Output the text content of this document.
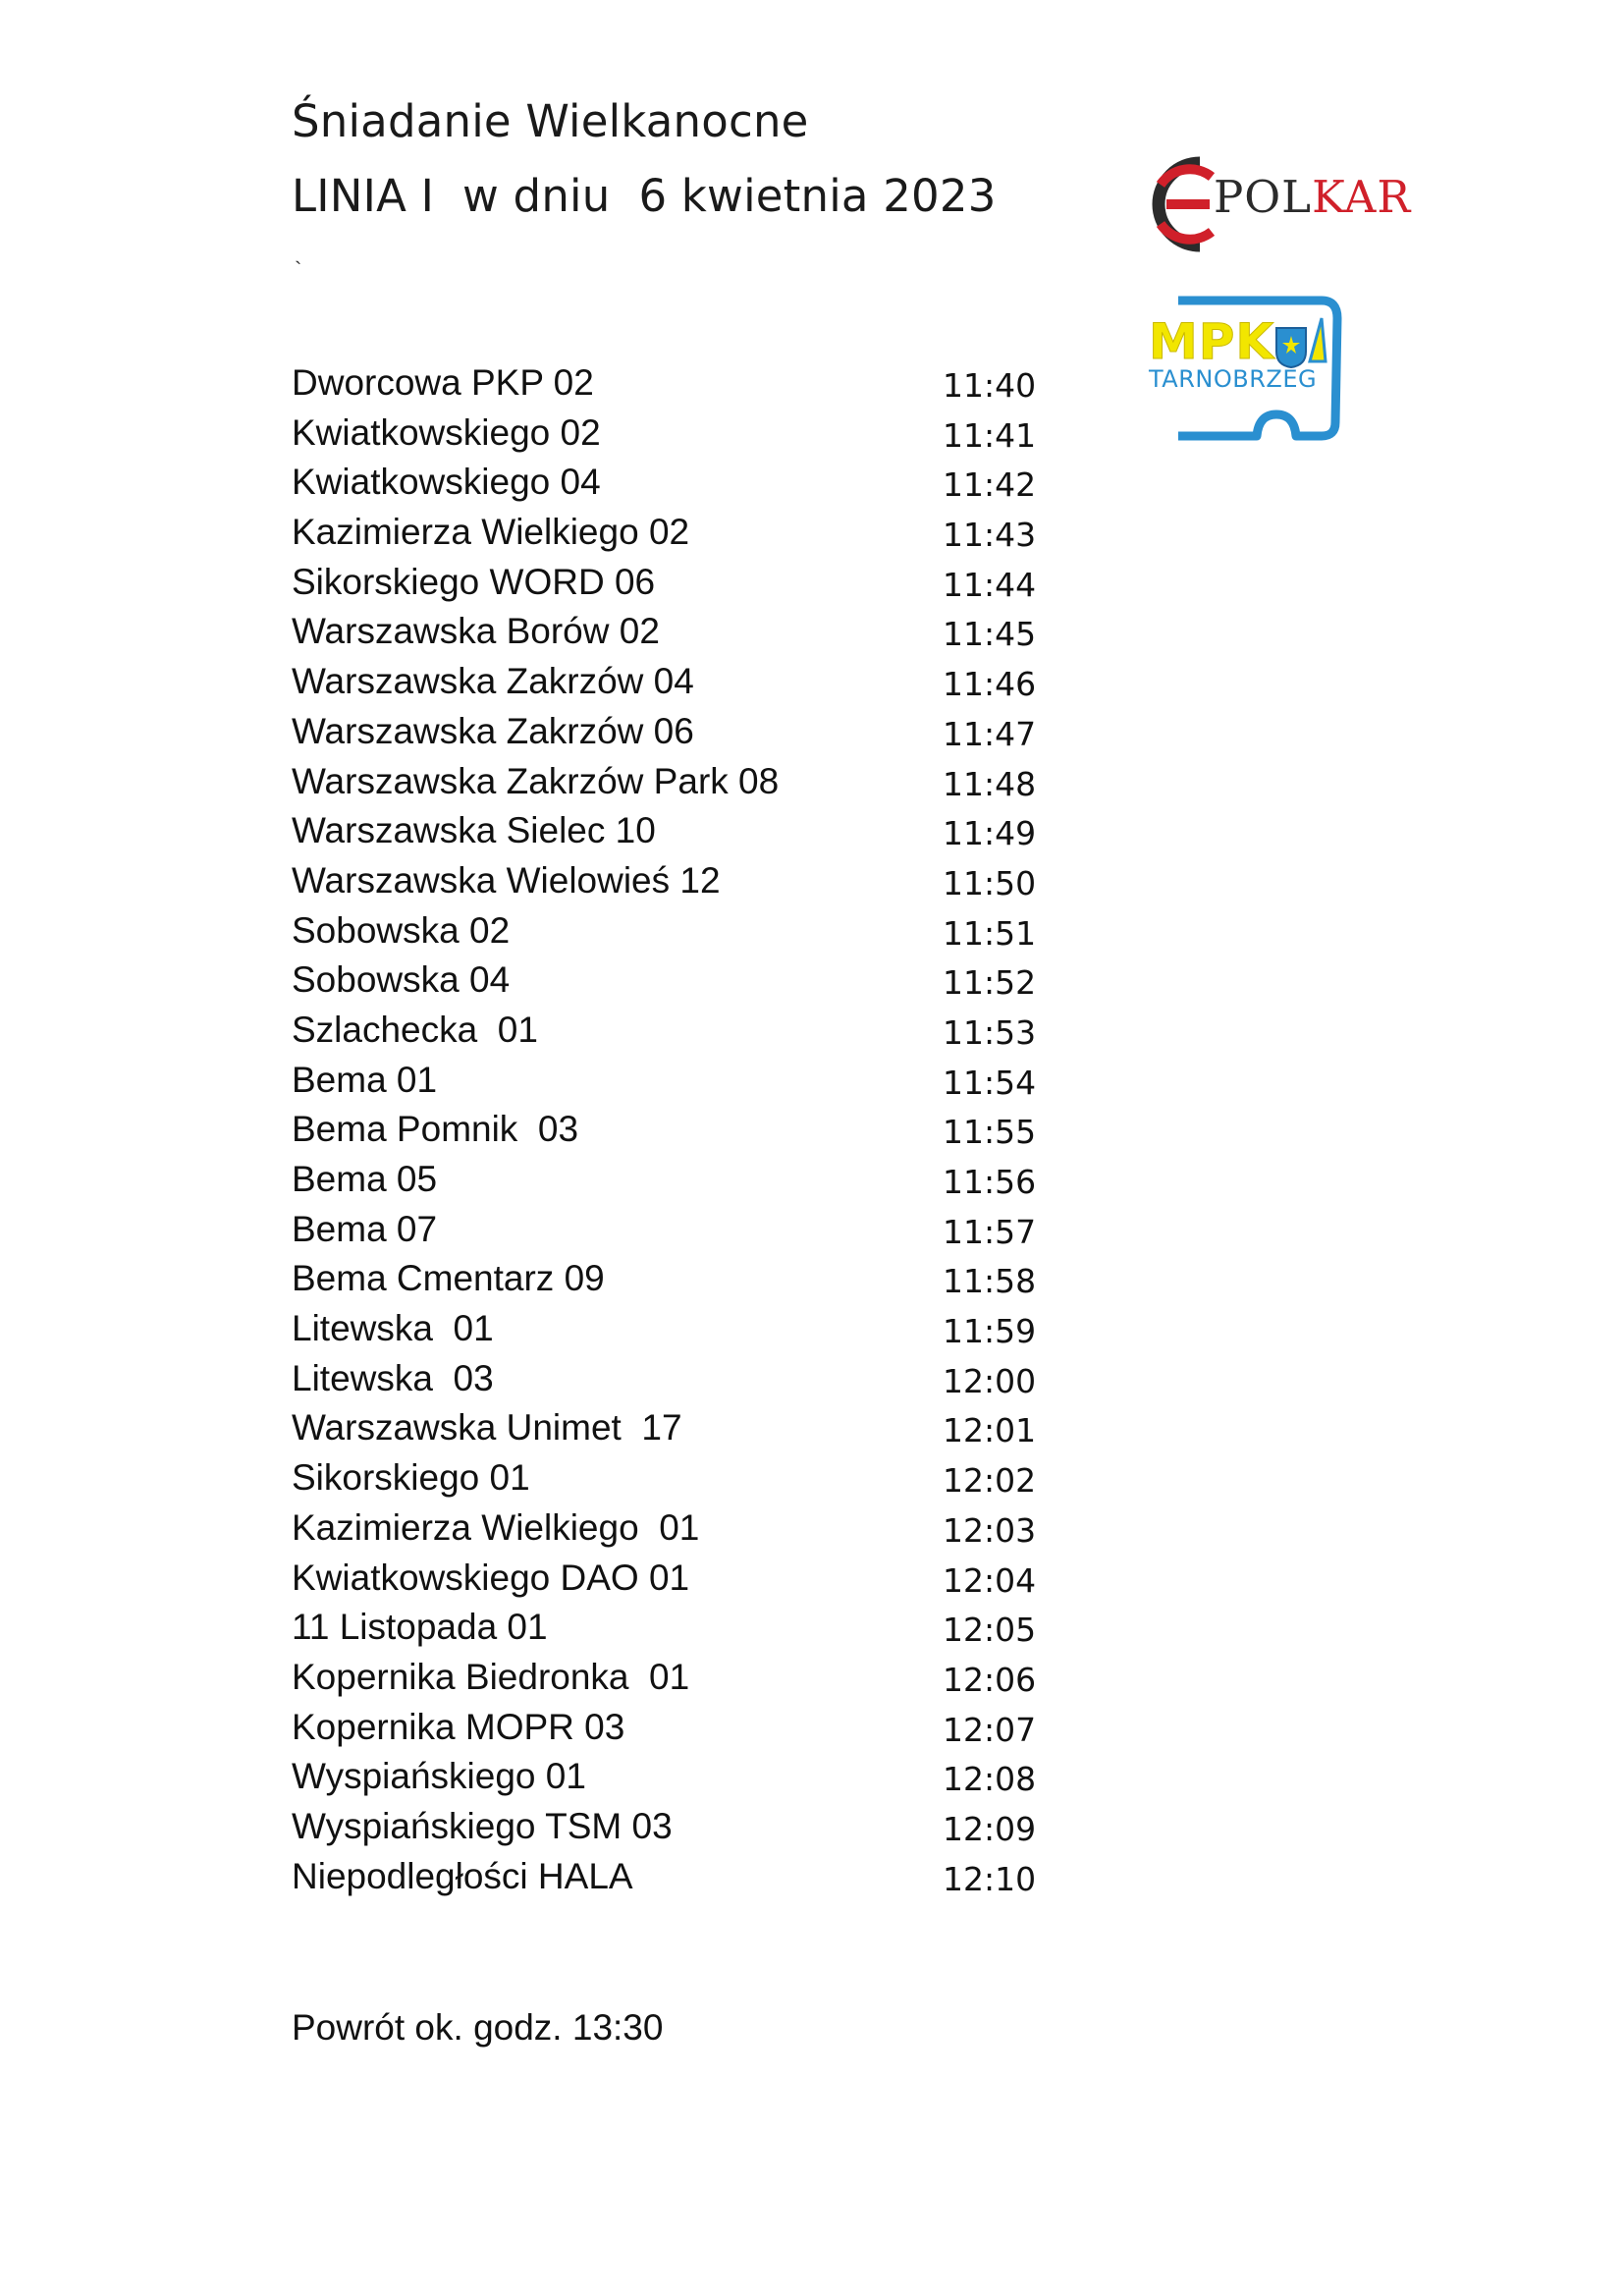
Śniadanie Wielkanocne
LINIA I  w dniu  6 kwietnia 2023
`
POLKAR
MPK
TARNOBRZEG
Dworcowa PKP 02	11:40
Kwiatkowskiego 02	11:41
Kwiatkowskiego 04	11:42
Kazimierza Wielkiego 02	11:43
Sikorskiego WORD 06	11:44
Warszawska Borów 02	11:45
Warszawska Zakrzów 04	11:46
Warszawska Zakrzów 06	11:47
Warszawska Zakrzów Park 08	11:48
Warszawska Sielec 10	11:49
Warszawska Wielowieś 12	11:50
Sobowska 02	11:51
Sobowska 04	11:52
Szlachecka  01	11:53
Bema 01	11:54
Bema Pomnik  03	11:55
Bema 05	11:56
Bema 07	11:57
Bema Cmentarz 09	11:58
Litewska  01	11:59
Litewska  03	12:00
Warszawska Unimet  17	12:01
Sikorskiego 01	12:02
Kazimierza Wielkiego  01	12:03
Kwiatkowskiego DAO 01	12:04
11 Listopada 01	12:05
Kopernika Biedronka  01	12:06
Kopernika MOPR 03	12:07
Wyspiańskiego 01	12:08
Wyspiańskiego TSM 03	12:09
Niepodległości HALA	12:10
Powrót ok. godz. 13:30
